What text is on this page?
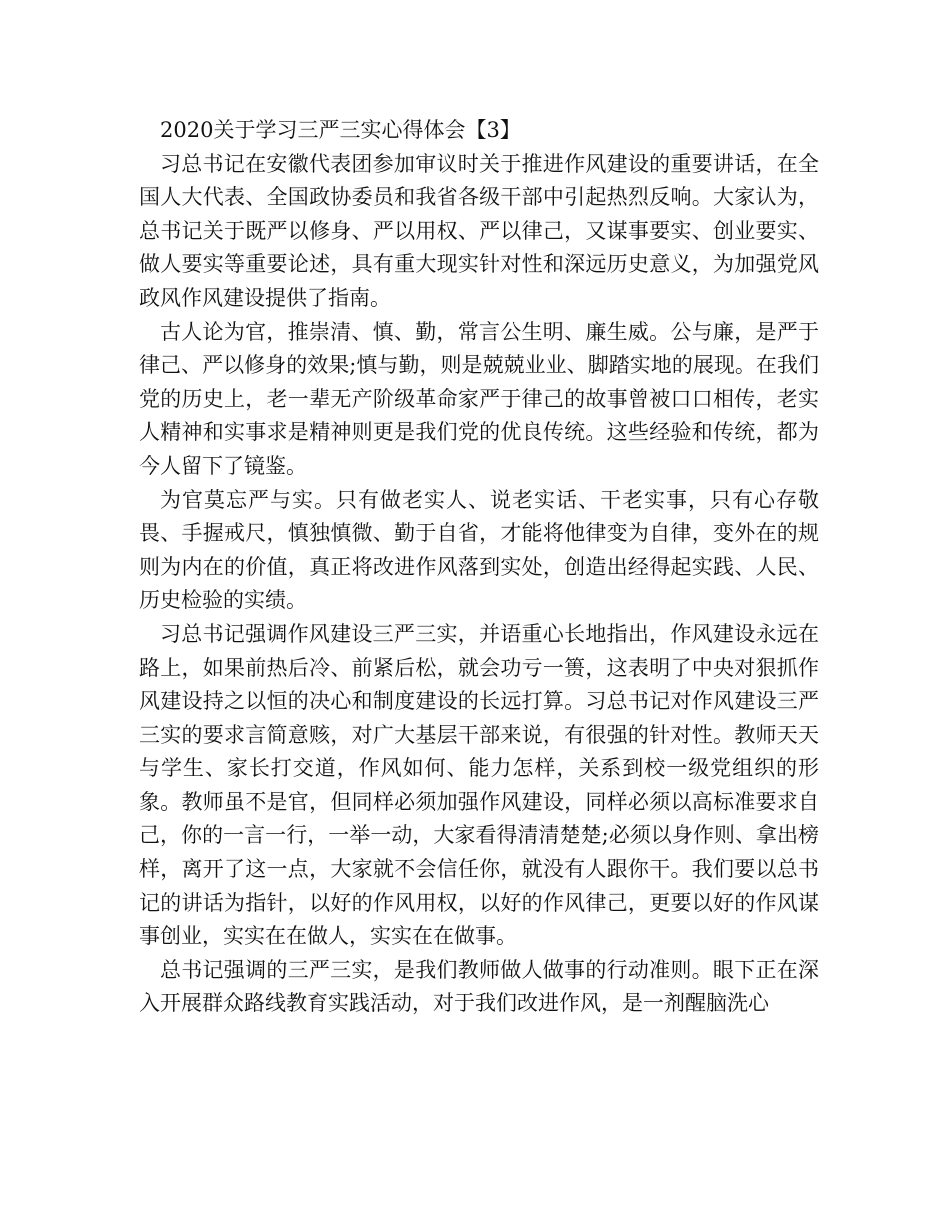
2020关于学习三严三实心得体会【3】

习总书记在安徽代表团参加审议时关于推进作风建设的重要讲话，在全国人大代表、全国政协委员和我省各级干部中引起热烈反响。大家认为，总书记关于既严以修身、严以用权、严以律己，又谋事要实、创业要实、做人要实等重要论述，具有重大现实针对性和深远历史意义，为加强党风政风作风建设提供了指南。

古人论为官，推崇清、慎、勤，常言公生明、廉生威。公与廉，是严于律己、严以修身的效果;慎与勤，则是兢兢业业、脚踏实地的展现。在我们党的历史上，老一辈无产阶级革命家严于律己的故事曾被口口相传，老实人精神和实事求是精神则更是我们党的优良传统。这些经验和传统，都为今人留下了镜鉴。

为官莫忘严与实。只有做老实人、说老实话、干老实事，只有心存敬畏、手握戒尺，慎独慎微、勤于自省，才能将他律变为自律，变外在的规则为内在的价值，真正将改进作风落到实处，创造出经得起实践、人民、历史检验的实绩。

习总书记强调作风建设三严三实，并语重心长地指出，作风建设永远在路上，如果前热后冷、前紧后松，就会功亏一篑，这表明了中央对狠抓作风建设持之以恒的决心和制度建设的长远打算。习总书记对作风建设三严三实的要求言简意赅，对广大基层干部来说，有很强的针对性。教师天天与学生、家长打交道，作风如何、能力怎样，关系到校一级党组织的形象。教师虽不是官，但同样必须加强作风建设，同样必须以高标准要求自己，你的一言一行，一举一动，大家看得清清楚楚;必须以身作则、拿出榜样，离开了这一点，大家就不会信任你，就没有人跟你干。我们要以总书记的讲话为指针，以好的作风用权，以好的作风律己，更要以好的作风谋事创业，实实在在做人，实实在在做事。

总书记强调的三严三实，是我们教师做人做事的行动准则。眼下正在深入开展群众路线教育实践活动，对于我们改进作风，是一剂醒脑洗心
